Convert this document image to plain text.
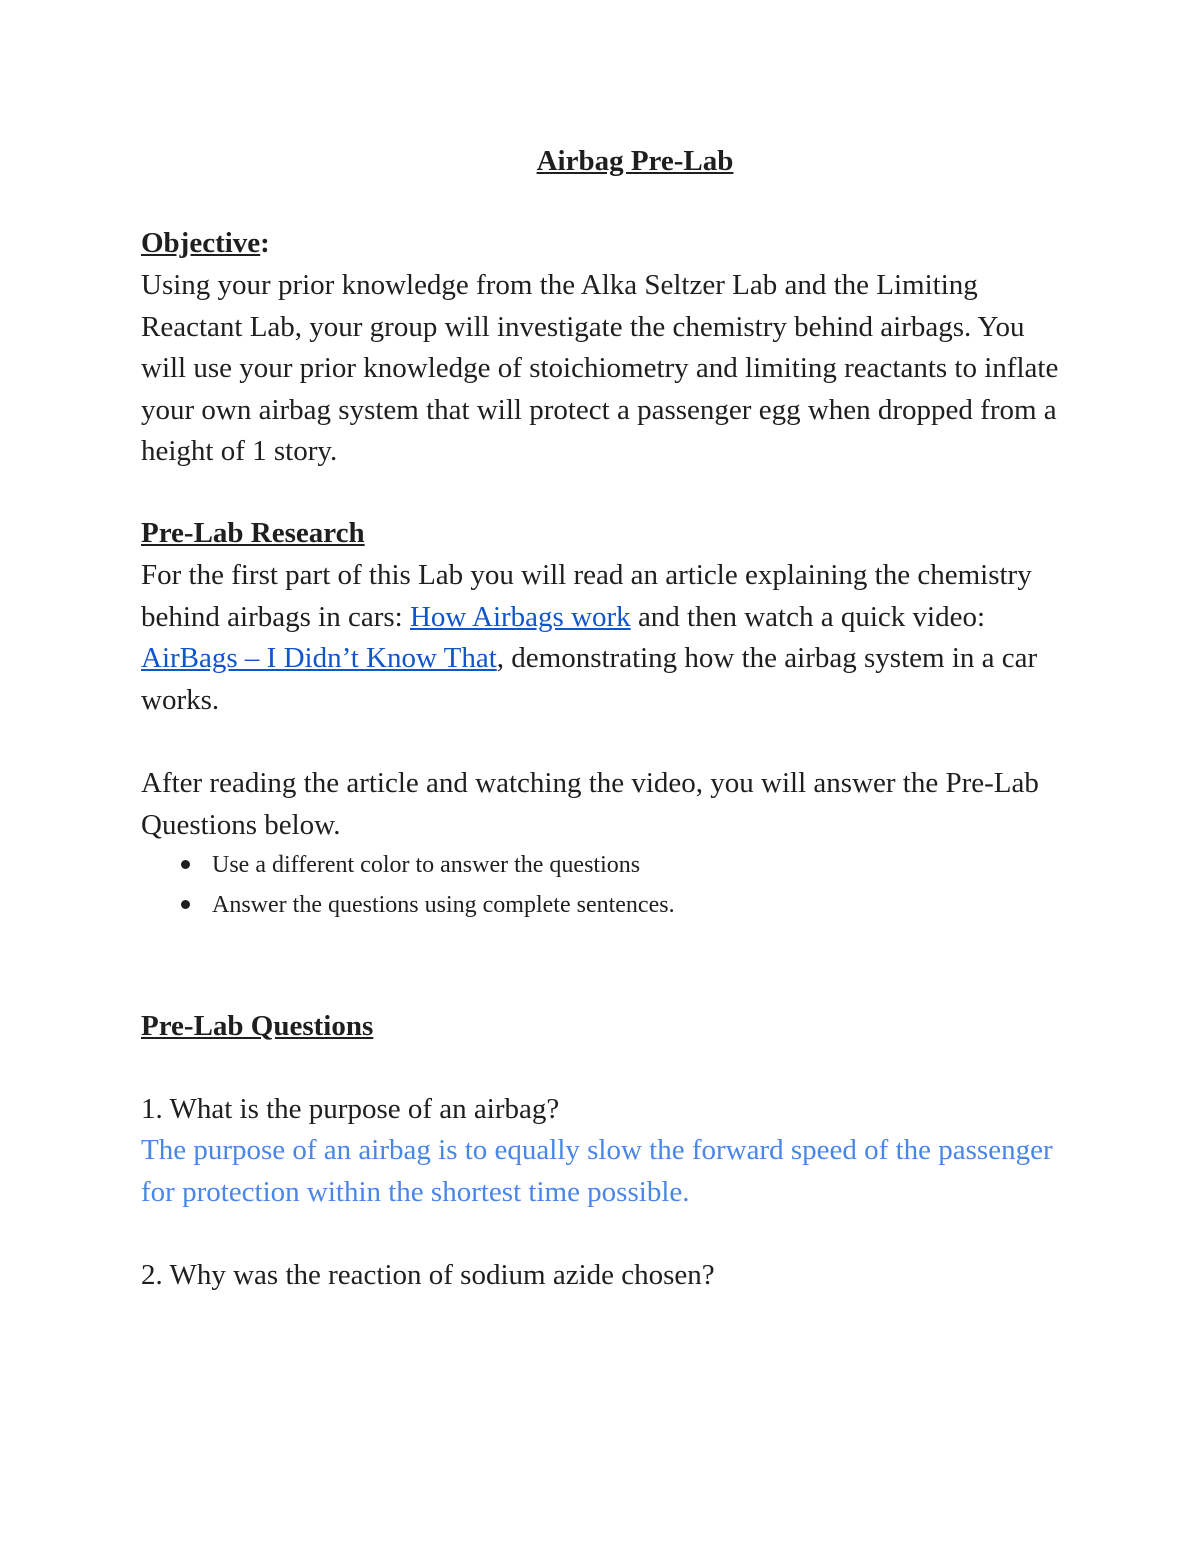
Airbag Pre-Lab
Objective:

Using your prior knowledge from the Alka Seltzer Lab and the Limiting Reactant Lab, your group will investigate the chemistry behind airbags. You will use your prior knowledge of stoichiometry and limiting reactants to inflate your own airbag system that will protect a passenger egg when dropped from a height of 1 story.

Pre-Lab Research

For the first part of this Lab you will read an article explaining the chemistry behind airbags in cars: How Airbags work and then watch a quick video: AirBags – I Didn’t Know That, demonstrating how the airbag system in a car works.

After reading the article and watching the video, you will answer the Pre-Lab Questions below.

Use a different color to answer the questions
Answer the questions using complete sentences.
Pre-Lab Questions

1. What is the purpose of an airbag?

The purpose of an airbag is to equally slow the forward speed of the passenger for protection within the shortest time possible.

2. Why was the reaction of sodium azide chosen?
